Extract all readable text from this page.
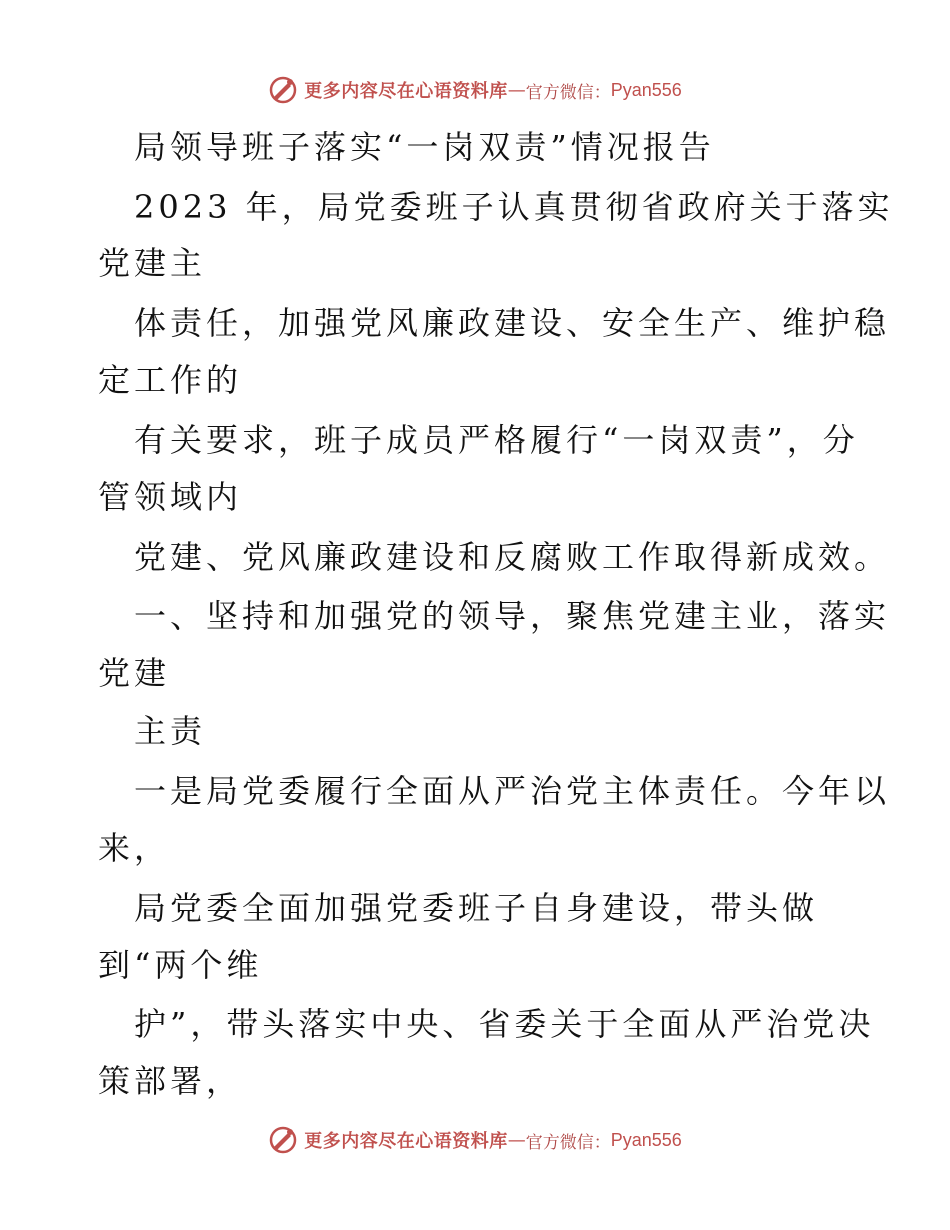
更多内容尽在心语资料库 — 官方微信： Pyan556
局领导班子落实“一岗双责”情况报告
2023 年，局党委班子认真贯彻省政府关于落实
党建主
体责任，加强党风廉政建设、安全生产、维护稳
定工作的
有关要求，班子成员严格履行“一岗双责”，分
管领域内
党建、党风廉政建设和反腐败工作取得新成效。
一、坚持和加强党的领导，聚焦党建主业，落实
党建
主责
一是局党委履行全面从严治党主体责任。今年以
来，
局党委全面加强党委班子自身建设，带头做
到“两个维
护”，带头落实中央、省委关于全面从严治党决
策部署，
更多内容尽在心语资料库 — 官方微信： Pyan556
